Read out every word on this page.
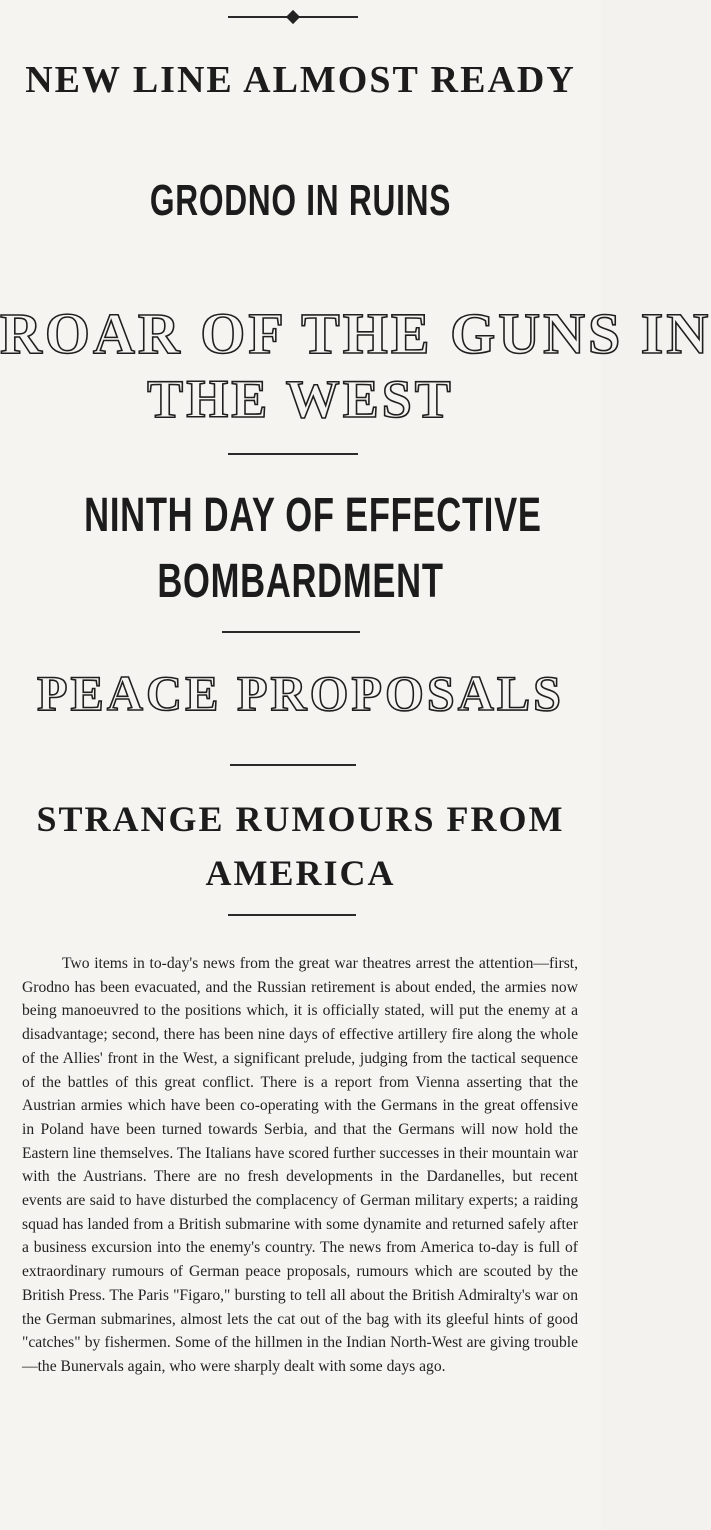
NEW LINE ALMOST READY
GRODNO IN RUINS
ROAR OF THE GUNS IN
THE WEST
NINTH DAY OF EFFECTIVE
BOMBARDMENT
PEACE PROPOSALS
STRANGE RUMOURS FROM
AMERICA

Two items in to-day's news from the great war theatres arrest the attention—first, Grodno has been evacuated, and the Russian retirement is about ended, the armies now being manoeuvred to the positions which, it is officially stated, will put the enemy at a disadvantage; second, there has been nine days of effective artillery fire along the whole of the Allies' front in the West, a significant prelude, judging from the tactical sequence of the battles of this great conflict. There is a report from Vienna asserting that the Austrian armies which have been co-operating with the Germans in the great offensive in Poland have been turned towards Serbia, and that the Germans will now hold the Eastern line themselves. The Italians have scored further successes in their mountain war with the Austrians. There are no fresh developments in the Dardanelles, but recent events are said to have disturbed the complacency of German military experts; a raiding squad has landed from a British submarine with some dynamite and returned safely after a business excursion into the enemy's country. The news from America to-day is full of extraordinary rumours of German peace proposals, rumours which are scouted by the British Press. The Paris "Figaro," bursting to tell all about the British Admiralty's war on the German submarines, almost lets the cat out of the bag with its gleeful hints of good "catches" by fishermen. Some of the hillmen in the Indian North-West are giving trouble—the Bunervals again, who were sharply dealt with some days ago.
